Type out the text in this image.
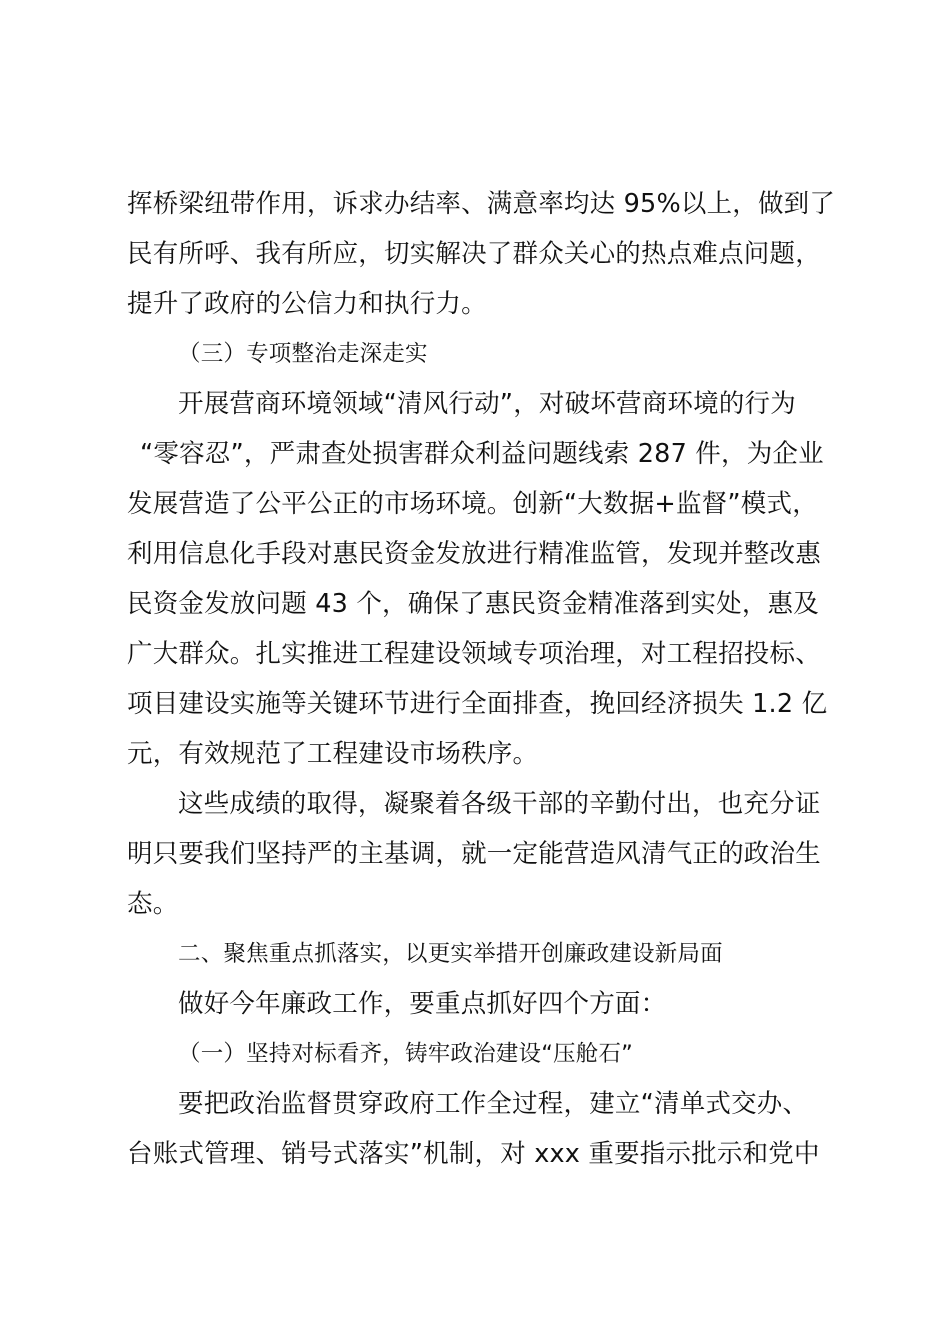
挥桥梁纽带作用，诉求办结率、满意率均达 95%以上，做到了
民有所呼、我有所应，切实解决了群众关心的热点难点问题，
提升了政府的公信力和执行力。
（三）专项整治走深走实
开展营商环境领域“清风行动”，对破坏营商环境的行为
“零容忍”，严肃查处损害群众利益问题线索 287 件，为企业
发展营造了公平公正的市场环境。创新“大数据+监督”模式，
利用信息化手段对惠民资金发放进行精准监管，发现并整改惠
民资金发放问题 43 个，确保了惠民资金精准落到实处，惠及
广大群众。扎实推进工程建设领域专项治理，对工程招投标、
项目建设实施等关键环节进行全面排查，挽回经济损失 1.2 亿
元，有效规范了工程建设市场秩序。
这些成绩的取得，凝聚着各级干部的辛勤付出，也充分证
明只要我们坚持严的主基调，就一定能营造风清气正的政治生
态。
二、聚焦重点抓落实，以更实举措开创廉政建设新局面
做好今年廉政工作，要重点抓好四个方面：
（一）坚持对标看齐，铸牢政治建设“压舱石”
要把政治监督贯穿政府工作全过程，建立“清单式交办、
台账式管理、销号式落实”机制，对 xxx 重要指示批示和党中
